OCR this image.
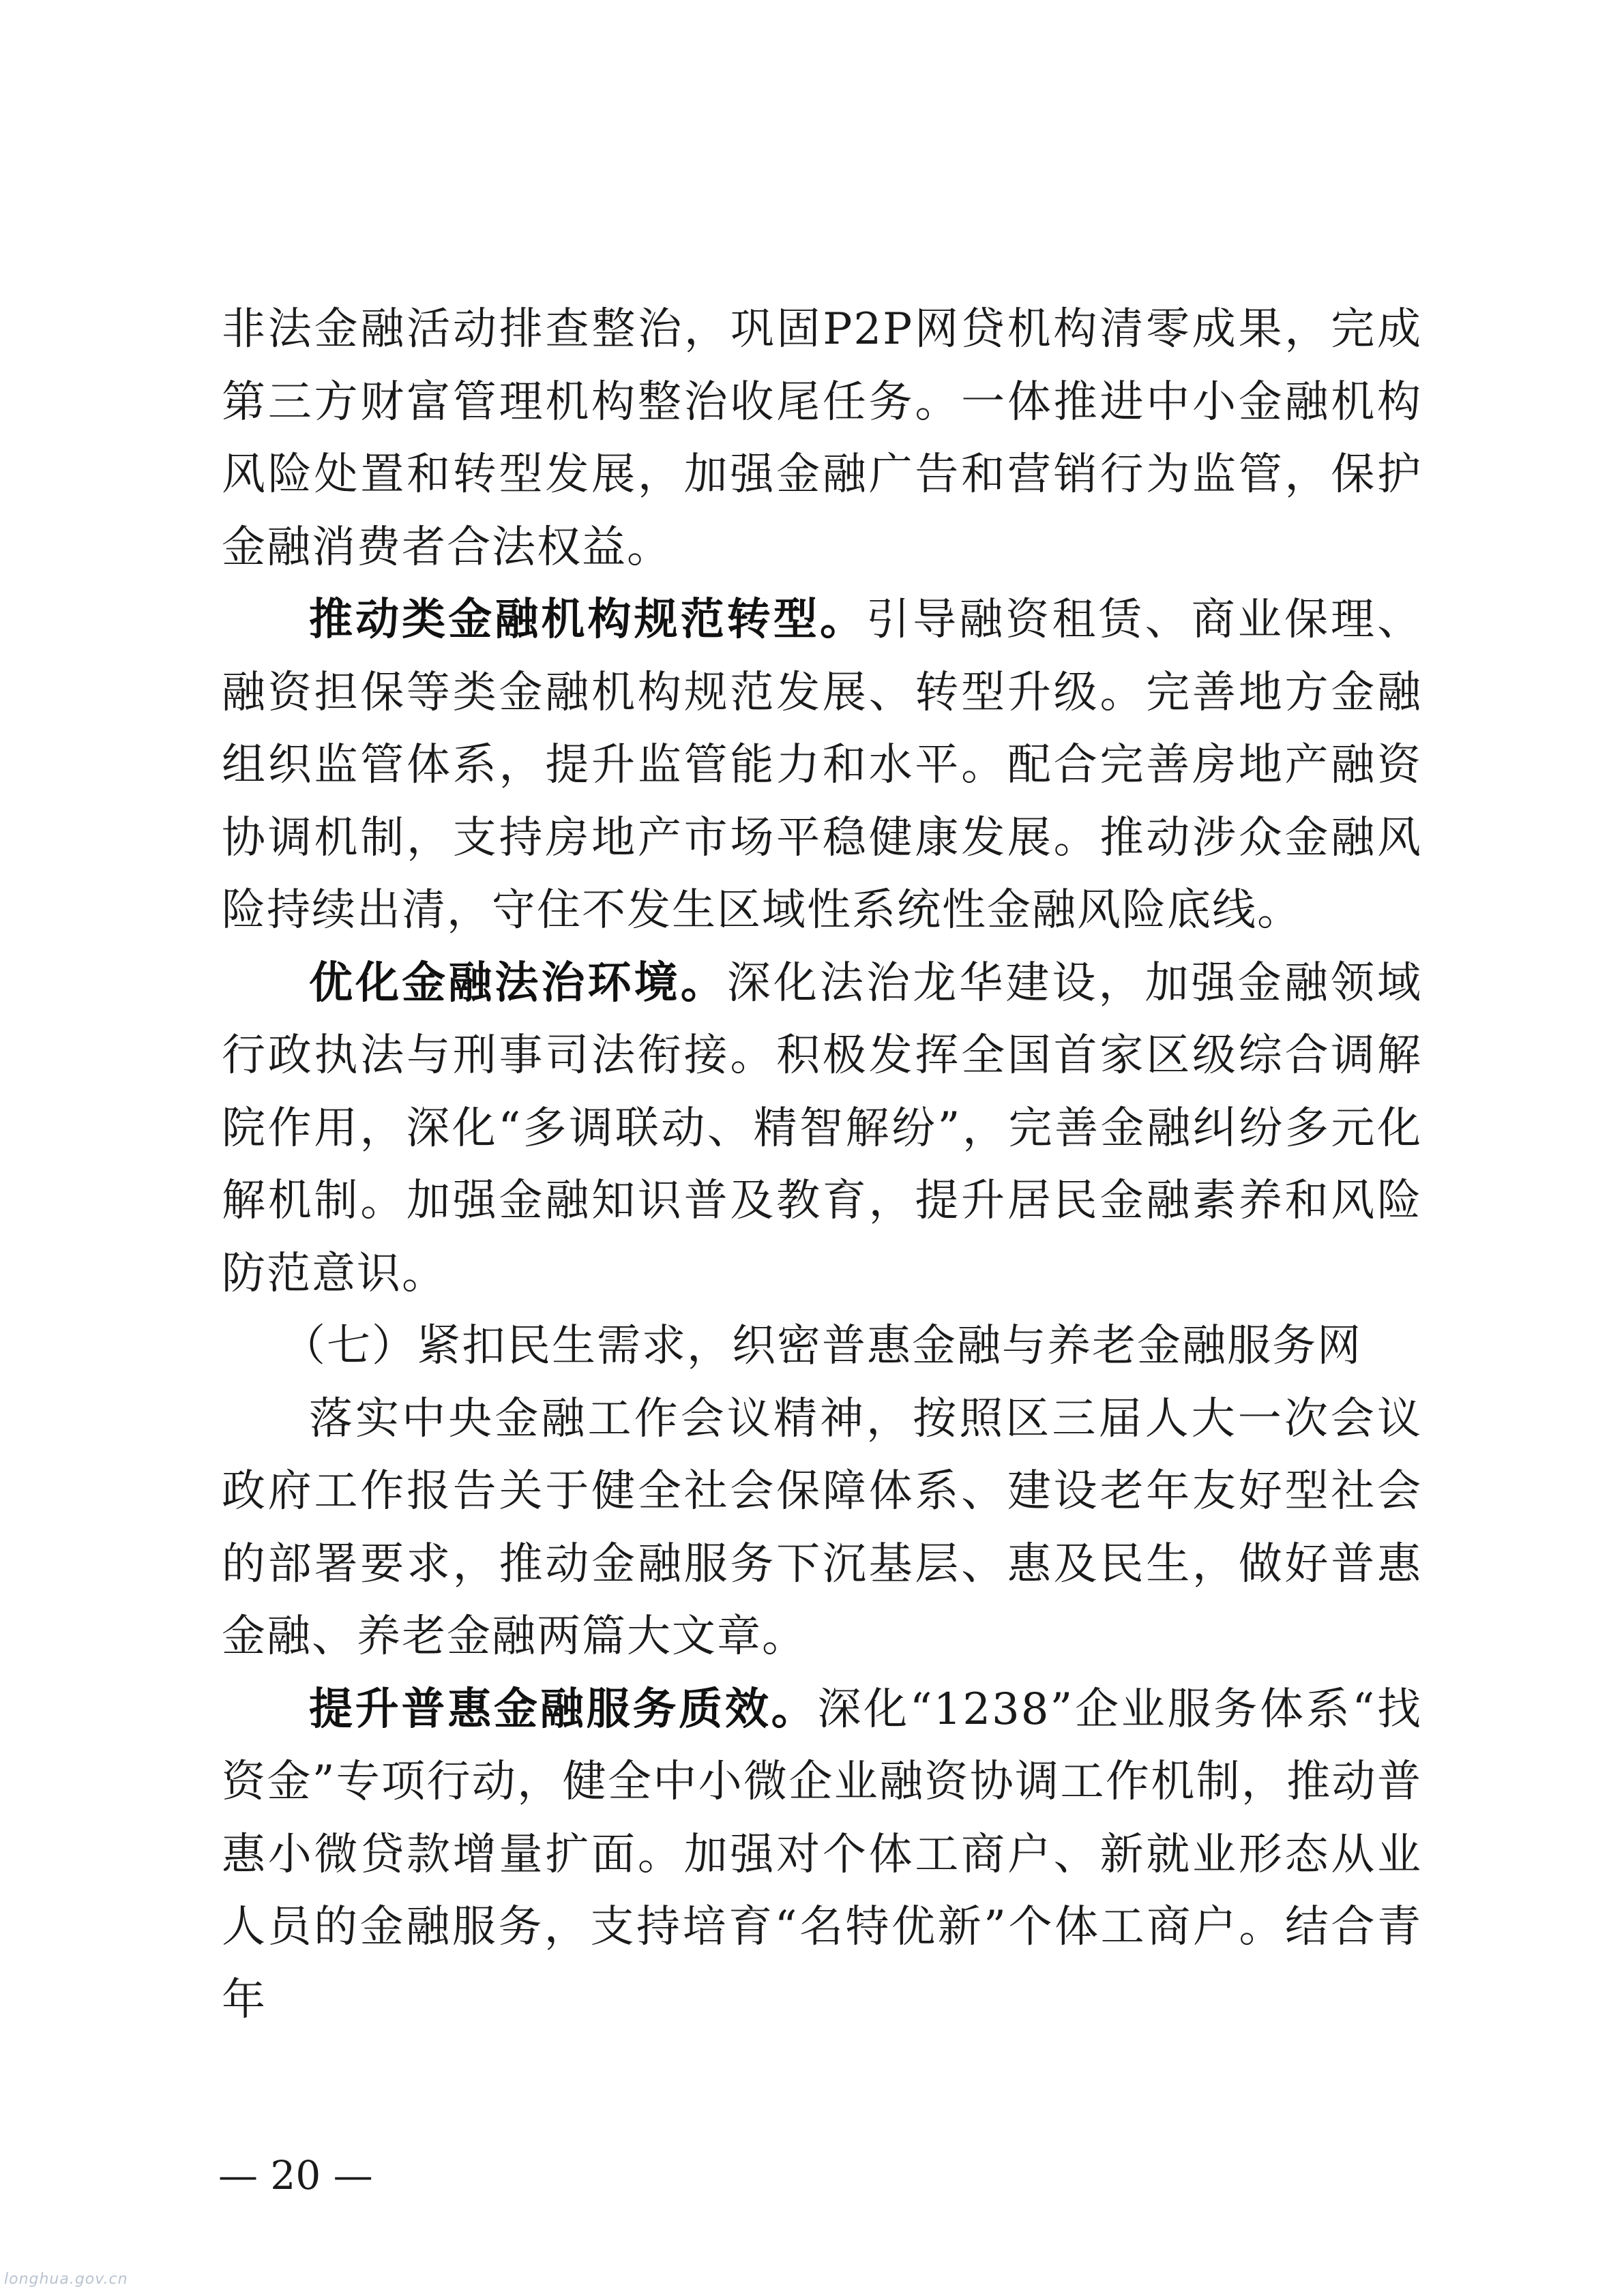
非法金融活动排查整治，巩固P2P网贷机构清零成果，完成第三方财富管理机构整治收尾任务。一体推进中小金融机构风险处置和转型发展，加强金融广告和营销行为监管，保护金融消费者合法权益。

推动类金融机构规范转型。引导融资租赁、商业保理、融资担保等类金融机构规范发展、转型升级。完善地方金融组织监管体系，提升监管能力和水平。配合完善房地产融资协调机制，支持房地产市场平稳健康发展。推动涉众金融风险持续出清，守住不发生区域性系统性金融风险底线。

优化金融法治环境。深化法治龙华建设，加强金融领域行政执法与刑事司法衔接。积极发挥全国首家区级综合调解院作用，深化“多调联动、精智解纷”，完善金融纠纷多元化解机制。加强金融知识普及教育，提升居民金融素养和风险防范意识。

（七）紧扣民生需求，织密普惠金融与养老金融服务网

落实中央金融工作会议精神，按照区三届人大一次会议政府工作报告关于健全社会保障体系、建设老年友好型社会的部署要求，推动金融服务下沉基层、惠及民生，做好普惠金融、养老金融两篇大文章。

提升普惠金融服务质效。深化“1238”企业服务体系“找资金”专项行动，健全中小微企业融资协调工作机制，推动普惠小微贷款增量扩面。加强对个体工商户、新就业形态从业人员的金融服务，支持培育“名特优新”个体工商户。结合青年

— 20 —
longhua.gov.cn
